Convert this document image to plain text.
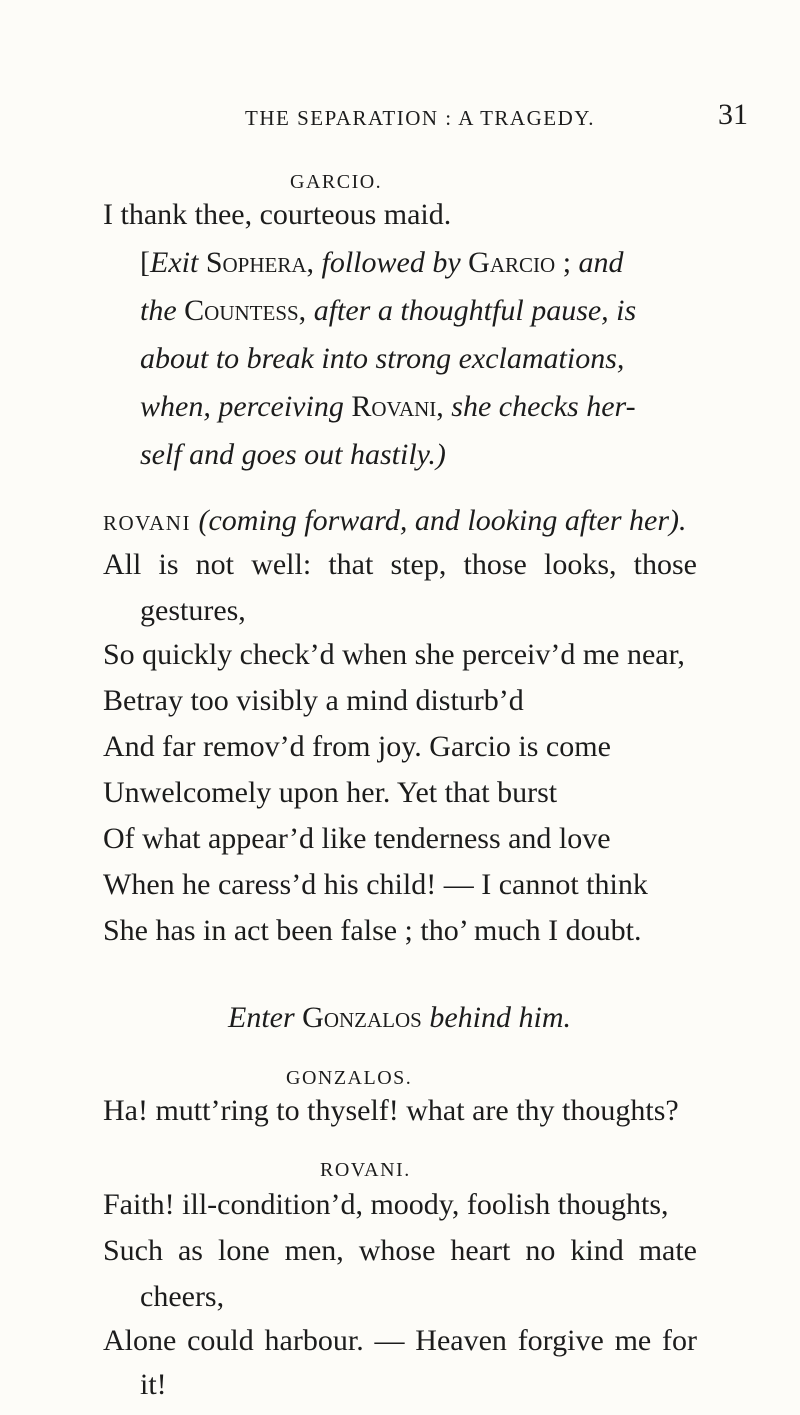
THE SEPARATION : A TRAGEDY.	31
GARCIO.
I thank thee, courteous maid.
[Exit Sophera, followed by Garcio ; and
the Countess, after a thoughtful pause, is
about to break into strong exclamations,
when, perceiving Rovani, she checks her-
self and goes out hastily.)
ROVANI (coming forward, and looking after her).
All is not well: that step, those looks, those
gestures,
So quickly check’d when she perceiv’d me near,
Betray too visibly a mind disturb’d
And far remov’d from joy. Garcio is come
Unwelcomely upon her. Yet that burst
Of what appear’d like tenderness and love
When he caress’d his child! — I cannot think
She has in act been false ; tho’ much I doubt.
Enter Gonzalos behind him.
GONZALOS.
Ha! mutt’ring to thyself! what are thy thoughts?
ROVANI.
Faith! ill-condition’d, moody, foolish thoughts,
Such as lone men, whose heart no kind mate
cheers,
Alone could harbour. — Heaven forgive me for
it!
